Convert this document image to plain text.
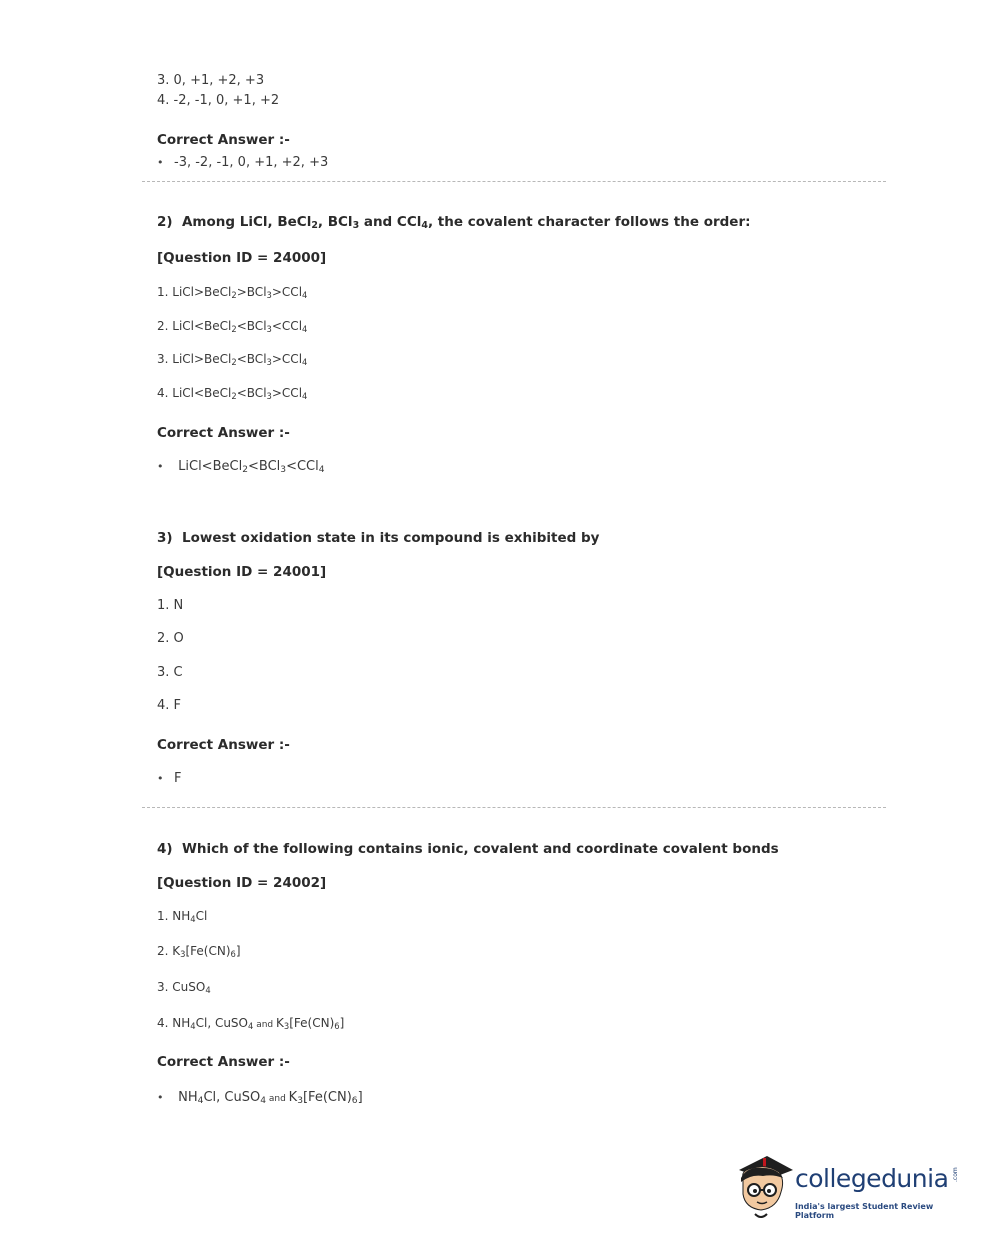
3. 0, +1, +2, +3
4. -2, -1, 0, +1, +2
Correct Answer :-
• -3, -2, -1, 0, +1, +2, +3
2) Among LiCl, BeCl$_2$, BCl$_3$ and CCl$_4$, the covalent character follows the order:
[Question ID = 24000]
1. LiCl>BeCl$_2$>BCl$_3$>CCl$_4$
2. LiCl<BeCl$_2$<BCl$_3$<CCl$_4$
3. LiCl>BeCl$_2$<BCl$_3$>CCl$_4$
4. LiCl<BeCl$_2$<BCl$_3$>CCl$_4$
Correct Answer :-
• LiCl<BeCl$_2$<BCl$_3$<CCl$_4$
3) Lowest oxidation state in its compound is exhibited by
[Question ID = 24001]
1. N
2. O
3. C
4. F
Correct Answer :-
• F
4) Which of the following contains ionic, covalent and coordinate covalent bonds
[Question ID = 24002]
1. $NH_4Cl$
2. $K_3[Fe(CN)_6]$
3. CuSO$_4$
4. $NH_4Cl$, CuSO$_4$ and $K_3[Fe(CN)_6]$
Correct Answer :-
• $NH_4Cl$, CuSO$_4$ and $K_3[Fe(CN)_6]$
collegedunia .com
India's largest Student Review Platform
